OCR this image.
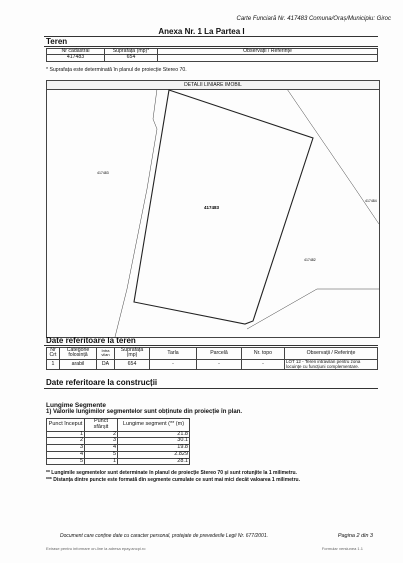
Carte Funciară Nr. 417483 Comuna/Oraș/Municipiu: Giroc
Anexa Nr. 1 La Partea I
Teren
Nr cadastral	Suprafața (mp)*	Observații / Referințe
417483	654	
* Suprafața este determinată în planul de proiecție Stereo 70.
DETALII LINIARE IMOBIL
417483
417483
417484
417482
Date referitoare la teren
Nr Crt	Categorie folosință	Intra vilan	Suprafața (mp)	Tarla	Parcelă	Nr. topo	Observații / Referințe
1	arabil	DA	654	-	-	-	LOT 12 - Teren intravilan pentru zona locuințe cu funcțiuni complementare.
Date referitoare la construcții
Lungime Segmente
1) Valorile lungimilor segmentelor sunt obținute din proiecție în plan.
Punct început	Punct sfârșit	Lungime segment (** (m)
1	2	21.8
2	3	30.1
3	4	19.8
4	5	2.829
5	1	28.1
** Lungimile segmentelor sunt determinate în planul de proiecție Stereo 70 și sunt rotunjite la 1 milimetru.
*** Distanța dintre puncte este formată din segmente cumulate ce sunt mai mici decât valoarea 1 milimetru.
Document care conține date cu caracter personal, protejate de prevederile Legii Nr. 677/2001.	Pagina 2 din 3
Extrase pentru informare on-line la adresa epay.ancpi.ro	Formular versiunea 1.1
